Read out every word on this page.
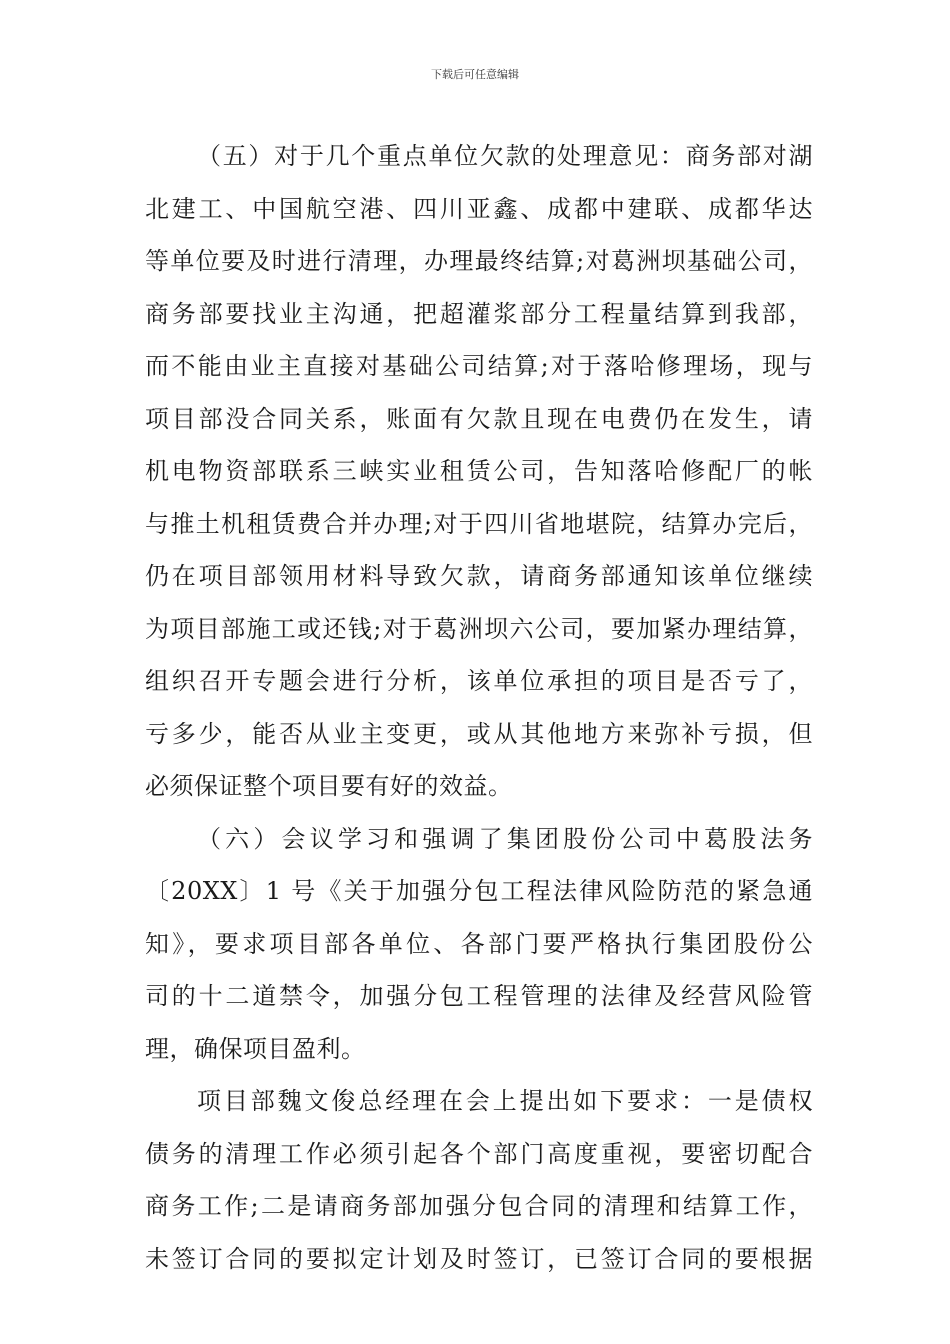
下载后可任意编辑
（五）对于几个重点单位欠款的处理意见：商务部对湖
北建工、中国航空港、四川亚鑫、成都中建联、成都华达
等单位要及时进行清理，办理最终结算;对葛洲坝基础公司，
商务部要找业主沟通，把超灌浆部分工程量结算到我部，
而不能由业主直接对基础公司结算;对于落哈修理场，现与
项目部没合同关系，账面有欠款且现在电费仍在发生，请
机电物资部联系三峡实业租赁公司，告知落哈修配厂的帐
与推土机租赁费合并办理;对于四川省地堪院，结算办完后，
仍在项目部领用材料导致欠款，请商务部通知该单位继续
为项目部施工或还钱;对于葛洲坝六公司，要加紧办理结算，
组织召开专题会进行分析，该单位承担的项目是否亏了，
亏多少，能否从业主变更，或从其他地方来弥补亏损，但
必须保证整个项目要有好的效益。
（六）会议学习和强调了集团股份公司中葛股法务
〔20XX〕1 号《关于加强分包工程法律风险防范的紧急通
知》，要求项目部各单位、各部门要严格执行集团股份公
司的十二道禁令，加强分包工程管理的法律及经营风险管
理，确保项目盈利。
项目部魏文俊总经理在会上提出如下要求：一是债权
债务的清理工作必须引起各个部门高度重视，要密切配合
商务工作;二是请商务部加强分包合同的清理和结算工作，
未签订合同的要拟定计划及时签订，已签订合同的要根据
